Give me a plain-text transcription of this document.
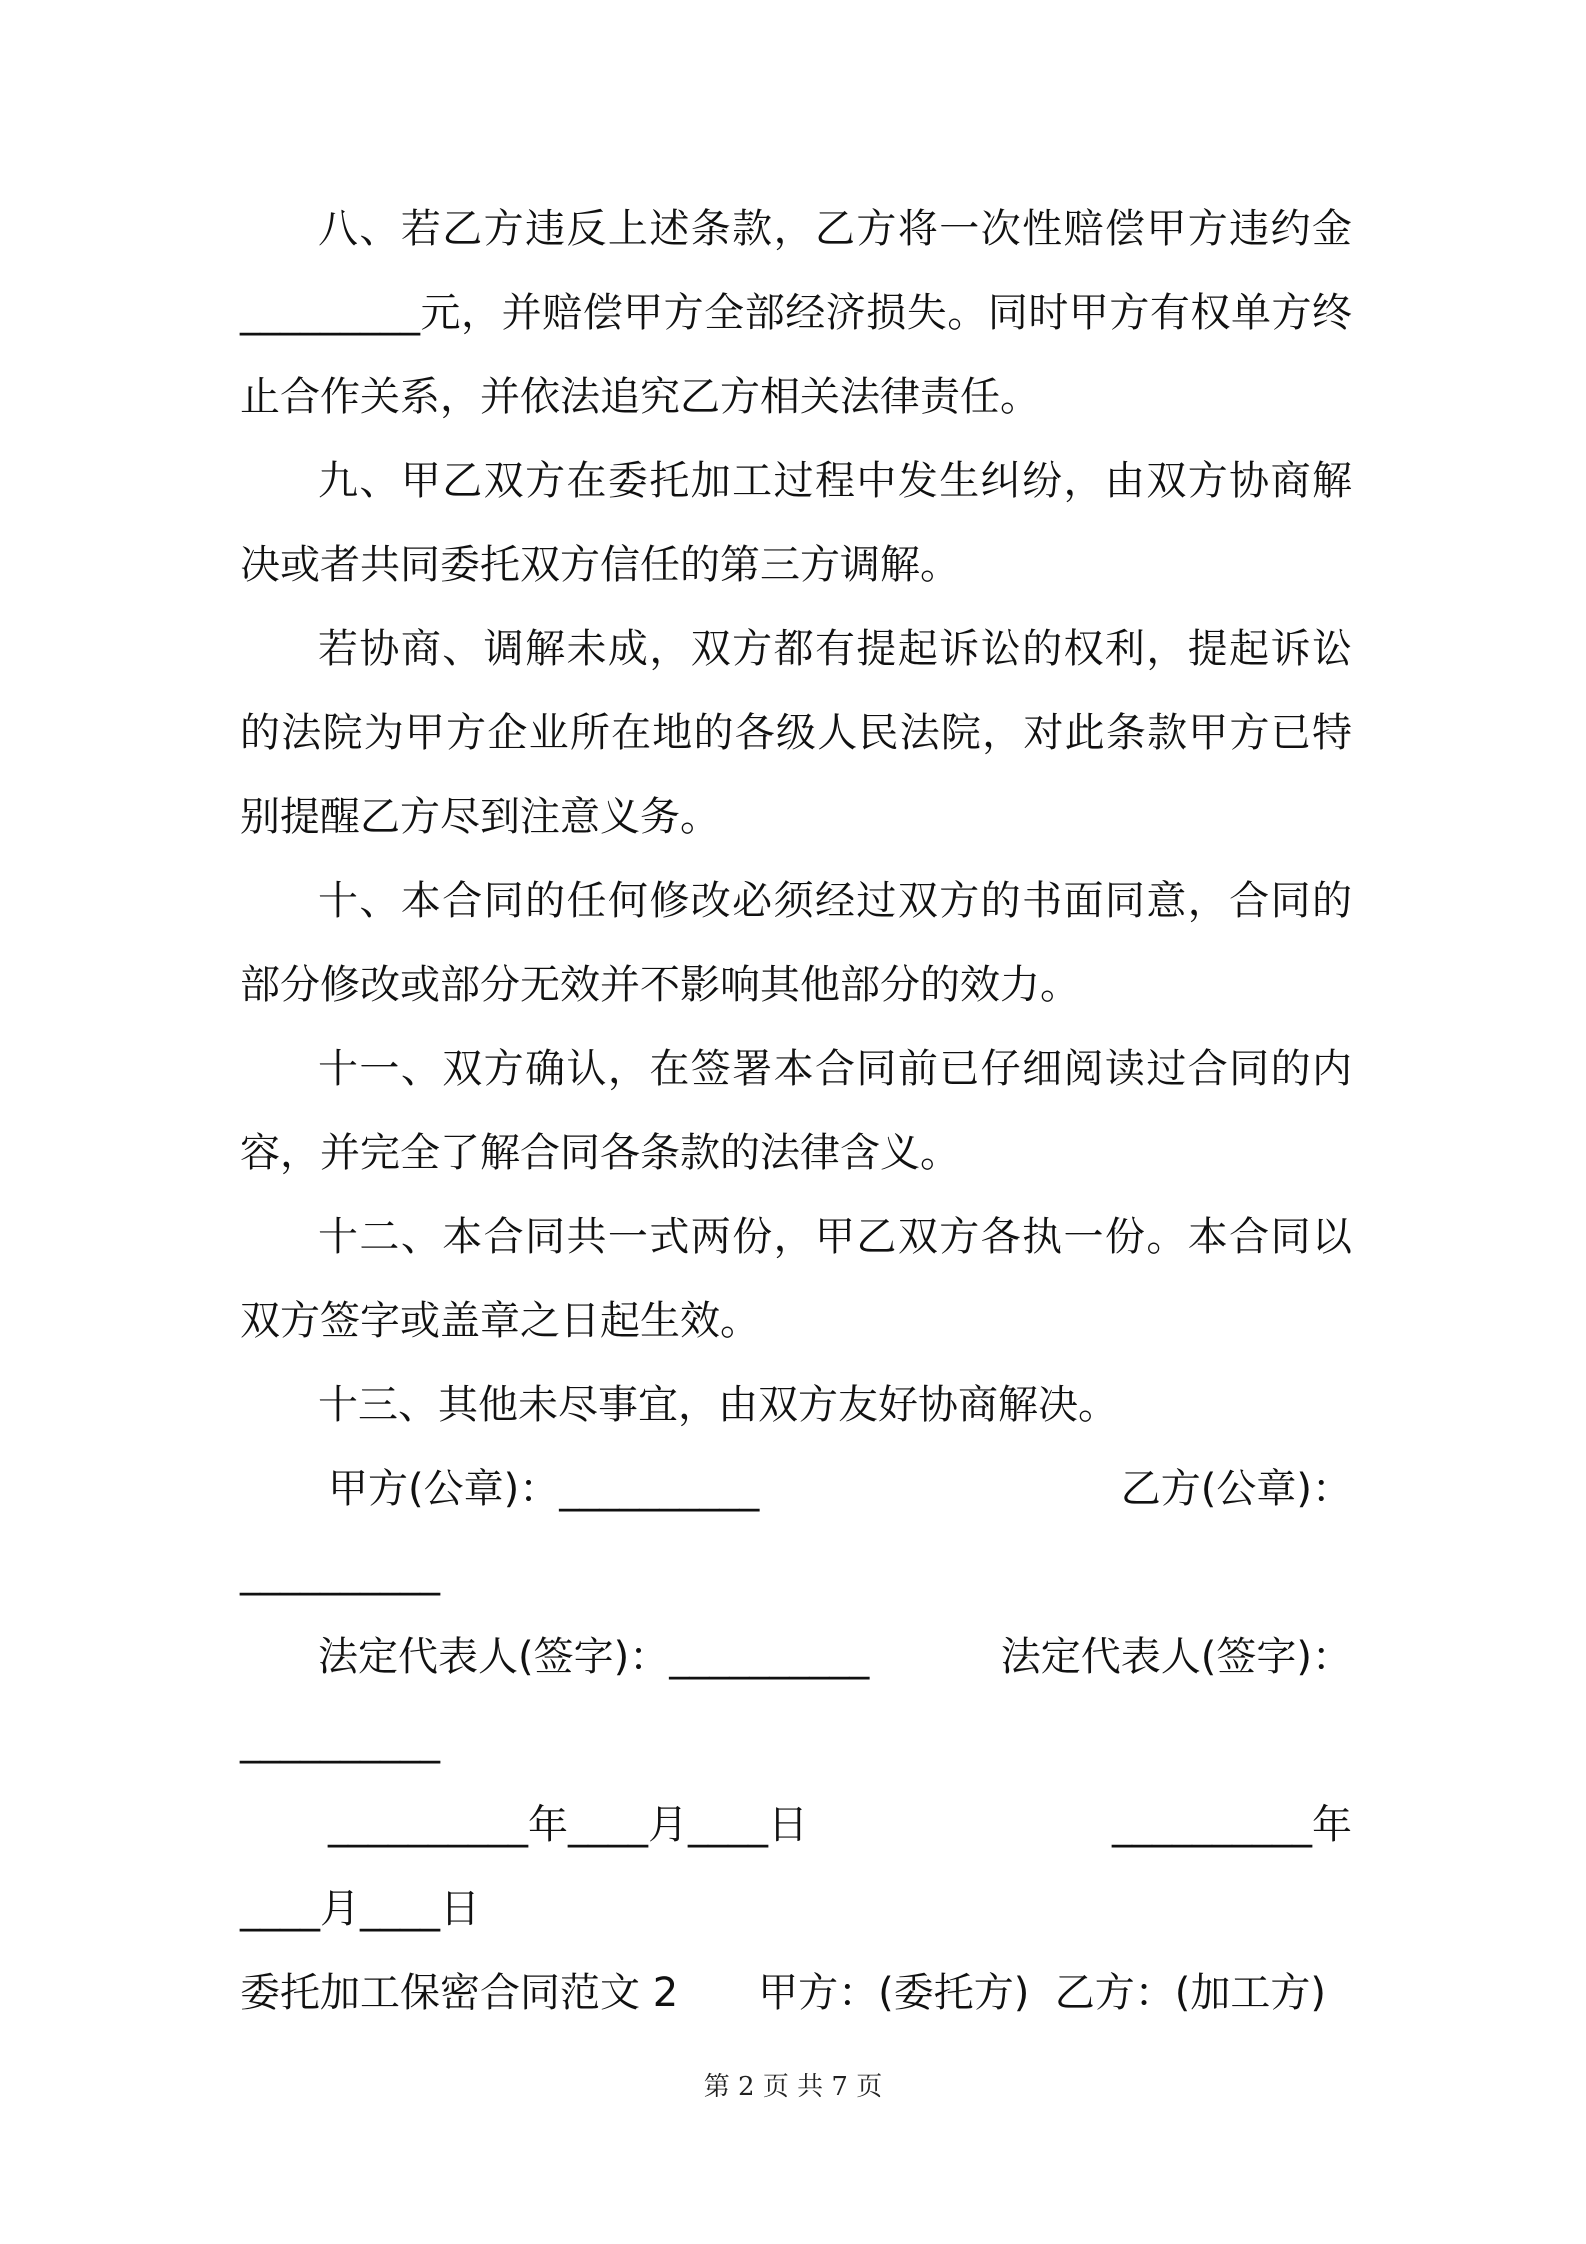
八、若乙方违反上述条款，乙方将一次性赔偿甲方违约金_________元，并赔偿甲方全部经济损失。同时甲方有权单方终止合作关系，并依法追究乙方相关法律责任。

九、甲乙双方在委托加工过程中发生纠纷，由双方协商解决或者共同委托双方信任的第三方调解。

若协商、调解未成，双方都有提起诉讼的权利，提起诉讼的法院为甲方企业所在地的各级人民法院，对此条款甲方已特别提醒乙方尽到注意义务。

十、本合同的任何修改必须经过双方的书面同意，合同的部分修改或部分无效并不影响其他部分的效力。

十一、双方确认，在签署本合同前已仔细阅读过合同的内容，并完全了解合同各条款的法律含义。

十二、本合同共一式两份，甲乙双方各执一份。本合同以双方签字或盖章之日起生效。

十三、其他未尽事宜，由双方友好协商解决。

甲方(公章)：__________	乙方(公章)：
__________
法定代表人(签字)：__________	法定代表人(签字)：
__________
__________年____月____日	__________年
____月____日
委托加工保密合同范文 2　　甲方：(委托方)  乙方：(加工方)
第 2 页 共 7 页
